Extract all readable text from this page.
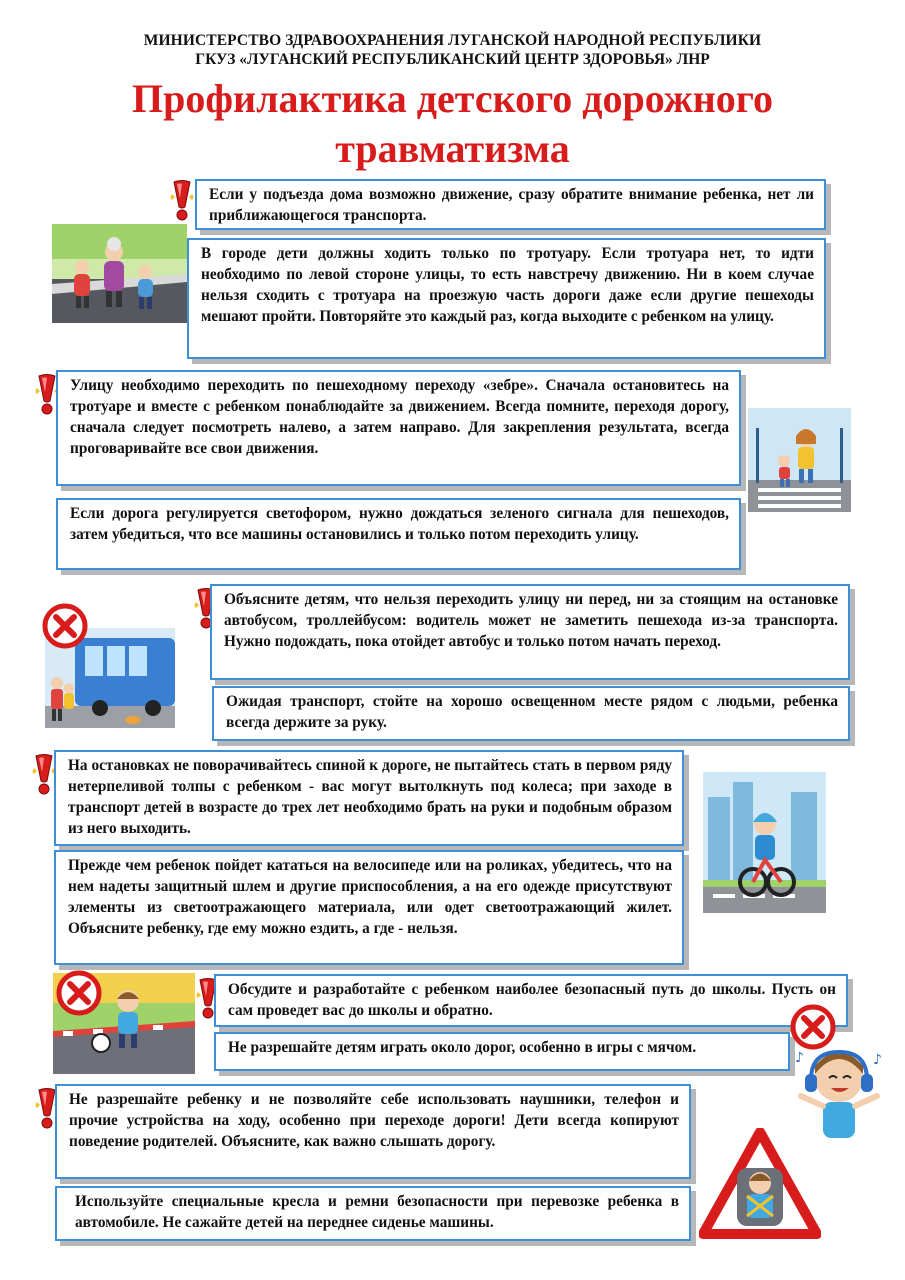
МИНИСТЕРСТВО ЗДРАВООХРАНЕНИЯ ЛУГАНСКОЙ НАРОДНОЙ РЕСПУБЛИКИ
ГКУЗ «ЛУГАНСКИЙ РЕСПУБЛИКАНСКИЙ ЦЕНТР ЗДОРОВЬЯ» ЛНР
Профилактика детского дорожного
травматизма
Если у подъезда дома возможно движение, сразу обратите внимание ребенка, нет ли приближающегося транспорта.
В городе дети должны ходить только по тротуару. Если тротуара нет, то идти необходимо по левой стороне улицы, то есть навстречу движению. Ни в коем случае нельзя сходить с тротуара на проезжую часть дороги даже если другие пешеходы мешают пройти. Повторяйте это каждый раз, когда выходите с ребенком на улицу.
Улицу необходимо переходить по пешеходному переходу «зебре». Сначала остановитесь на тротуаре и вместе с ребенком понаблюдайте за движением. Всегда помните, переходя дорогу, сначала следует посмотреть налево, а затем направо. Для закрепления результата, всегда проговаривайте все свои движения.
Если дорога регулируется светофором, нужно дождаться зеленого сигнала для пешеходов, затем убедиться, что все машины остановились и только потом переходить улицу.
Объясните детям, что нельзя переходить улицу ни перед, ни за стоящим на остановке автобусом, троллейбусом: водитель может не заметить пешехода из-за транспорта. Нужно подождать, пока отойдет автобус и только потом начать переход.
Ожидая транспорт, стойте на хорошо освещенном месте рядом с людьми, ребенка всегда держите за руку.
На остановках не поворачивайтесь спиной к дороге, не пытайтесь стать в первом ряду нетерпеливой толпы с ребенком - вас могут вытолкнуть под колеса; при заходе в транспорт детей в возрасте до трех лет необходимо брать на руки и подобным образом из него выходить.
Прежде чем ребенок пойдет кататься на велосипеде или на роликах, убедитесь, что на нем надеты защитный шлем и другие приспособления, а на его одежде присутствуют элементы из светоотражающего материала, или одет светоотражающий жилет. Объясните ребенку, где ему можно ездить, а где - нельзя.
Обсудите и разработайте с ребенком наиболее безопасный путь до школы. Пусть он сам проведет вас до школы и обратно.
Не разрешайте детям играть около дорог, особенно в игры с мячом.
♪	♪
Не разрешайте ребенку и не позволяйте себе использовать наушники, телефон и прочие устройства на ходу, особенно при переходе дороги! Дети всегда копируют поведение родителей. Объясните, как важно слышать дорогу.
Используйте специальные кресла и ремни безопасности при перевозке ребенка в автомобиле. Не сажайте детей на переднее сиденье машины.
